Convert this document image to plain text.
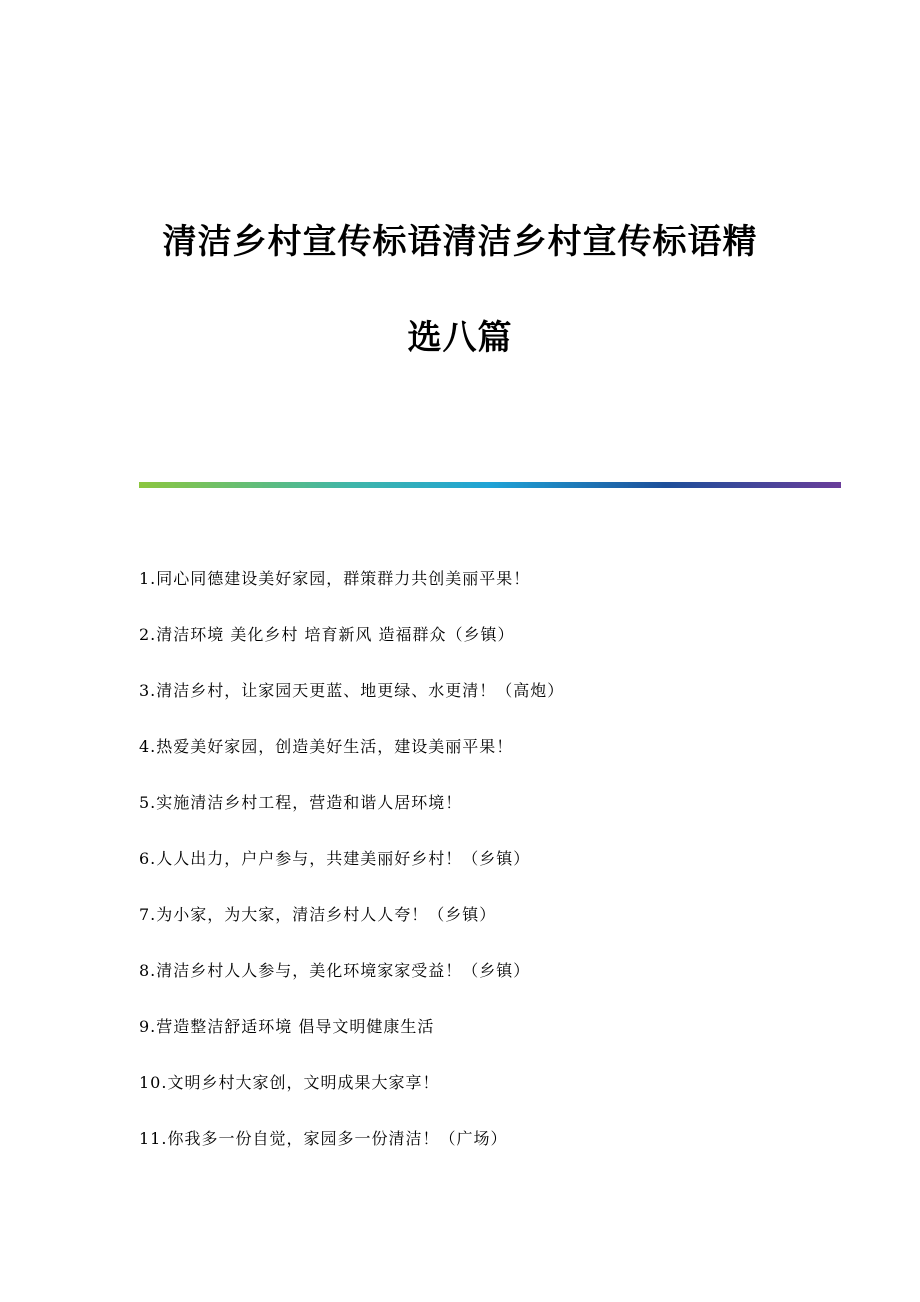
清洁乡村宣传标语清洁乡村宣传标语精
选八篇
1.同心同德建设美好家园，群策群力共创美丽平果！
2.清洁环境 美化乡村 培育新风 造福群众（乡镇）
3.清洁乡村，让家园天更蓝、地更绿、水更清！（高炮）
4.热爱美好家园，创造美好生活，建设美丽平果！
5.实施清洁乡村工程，营造和谐人居环境！
6.人人出力，户户参与，共建美丽好乡村！（乡镇）
7.为小家，为大家，清洁乡村人人夸！（乡镇）
8.清洁乡村人人参与，美化环境家家受益！（乡镇）
9.营造整洁舒适环境 倡导文明健康生活
10.文明乡村大家创，文明成果大家享！
11.你我多一份自觉，家园多一份清洁！（广场）
